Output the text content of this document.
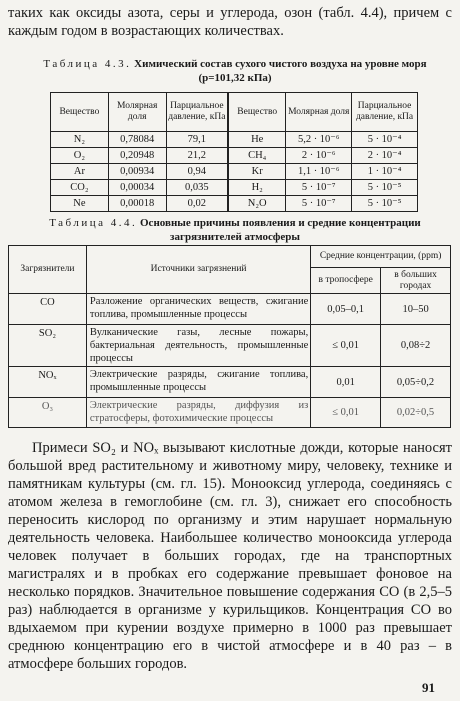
таких как оксиды азота, серы и углерода, озон (табл. 4.4), причем с каждым годом в возрастающих количествах.

Таблица 4.3. Химический состав сухого чистого воздуха на уровне моря
(p=101,32 кПа)
Вещество	Молярная доля	Парциальное давление, кПа	Вещество	Молярная доля	Парциальное давление, кПа
N₂	0,78084	79,1	He	5,2 · 10⁻⁶	5 · 10⁻⁴
O₂	0,20948	21,2	CH₄	2 · 10⁻⁶	2 · 10⁻⁴
Ar	0,00934	0,94	Kr	1,1 · 10⁻⁶	1 · 10⁻⁴
CO₂	0,00034	0,035	H₂	5 · 10⁻⁷	5 · 10⁻⁵
Ne	0,00018	0,02	N₂O	5 · 10⁻⁷	5 · 10⁻⁵
Таблица 4.4. Основные причины появления и средние концентрации загрязнителей атмосферы
Загрязнители	Источники загрязнений	Средние концентрации, (ppm)	
		в тропосфере	в больших городах
CO	Разложение органических веществ, сжигание топлива, промышленные процессы	0,05–0,1	10–50
SO₂	Вулканические газы, лесные пожары, бактериальная деятельность, промышленные процессы	≤ 0,01	0,08÷2
NOₓ	Электрические разряды, сжигание топлива, промышленные процессы	0,01	0,05÷0,2
O₃	Электрические разряды, диффузия из стратосферы, фотохимические процессы	≤ 0,01	0,02÷0,5

Примеси SO₂ и NOₓ вызывают кислотные дожди, которые наносят большой вред растительному и животному миру, человеку, технике и памятникам культуры (см. гл. 15). Монооксид углерода, соединяясь с атомом железа в гемоглобине (см. гл. 3), снижает его способность переносить кислород по организму и этим нарушает нормальную деятельность человека. Наибольшее количество монооксида углерода человек получает в больших городах, где на транспортных магистралях и в пробках его содержание превышает фоновое на несколько порядков. Значительное повышение содержания CO (в 2,5–5 раз) наблюдается в организме у курильщиков. Концентрация CO во вдыхаемом при курении воздухе примерно в 1000 раз превышает среднюю концентрацию его в чистой атмосфере и в 40 раз – в атмосфере больших городов.

91
